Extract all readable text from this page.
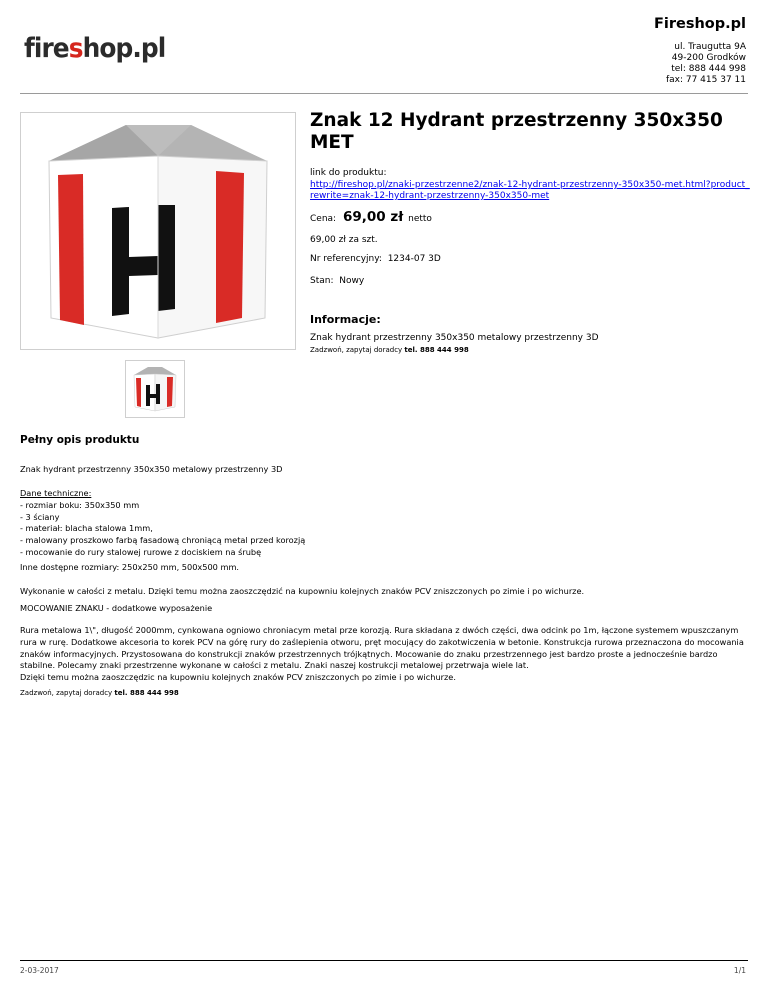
Fireshop.pl
fireshop.pl	ul. Traugutta 9A
49-200 Grodków
tel: 888 444 998
fax: 77 415 37 11
Znak 12 Hydrant przestrzenny 350x350 MET
link do produktu:
http://fireshop.pl/znaki-przestrzenne2/znak-12-hydrant-przestrzenny-350x350-met.html?product_rewrite=znak-12-hydrant-przestrzenny-350x350-met
Cena: 69,00 zł netto
69,00 zł za szt.
Nr referencyjny: 1234-07 3D
Stan: Nowy
Informacje:
Znak hydrant przestrzenny 350x350 metalowy przestrzenny 3D
Zadzwoń, zapytaj doradcy tel. 888 444 998
Pełny opis produktu
Znak hydrant przestrzenny 350x350 metalowy przestrzenny 3D
Dane techniczne:
- rozmiar boku: 350x350 mm
- 3 ściany
- materiał: blacha stalowa 1mm,
- malowany proszkowo farbą fasadową chroniącą metal przed korozją
- mocowanie do rury stalowej rurowe z dociskiem na śrubę
Inne dostępne rozmiary: 250x250 mm, 500x500 mm.
Wykonanie w całości z metalu. Dzięki temu można zaoszczędzić na kupowniu kolejnych znaków PCV zniszczonych po zimie i po wichurze.
MOCOWANIE ZNAKU - dodatkowe wyposażenie
Rura metalowa 1\", długość 2000mm, cynkowana ogniowo chroniacym metal prze korozją. Rura składana z dwóch części, dwa odcink po 1m, łączone systemem wpuszczanym
rura w rurę. Dodatkowe akcesoria to korek PCV na górę rury do zaślepienia otworu, pręt mocujący do zakotwiczenia w betonie. Konstrukcja rurowa przeznaczona do mocowania
znaków informacyjnych. Przystosowana do konstrukcji znaków przestrzennych trójkątnych. Mocowanie do znaku przestrzennego jest bardzo proste a jednocześnie bardzo
stabilne. Polecamy znaki przestrzenne wykonane w całości z metalu. Znaki naszej kostrukcji metalowej przetrwaja wiele lat.
Dzięki temu można zaoszczędzic na kupowniu kolejnych znaków PCV zniszczonych po zimie i po wichurze.
Zadzwoń, zapytaj doradcy tel. 888 444 998
2-03-2017	1/1
